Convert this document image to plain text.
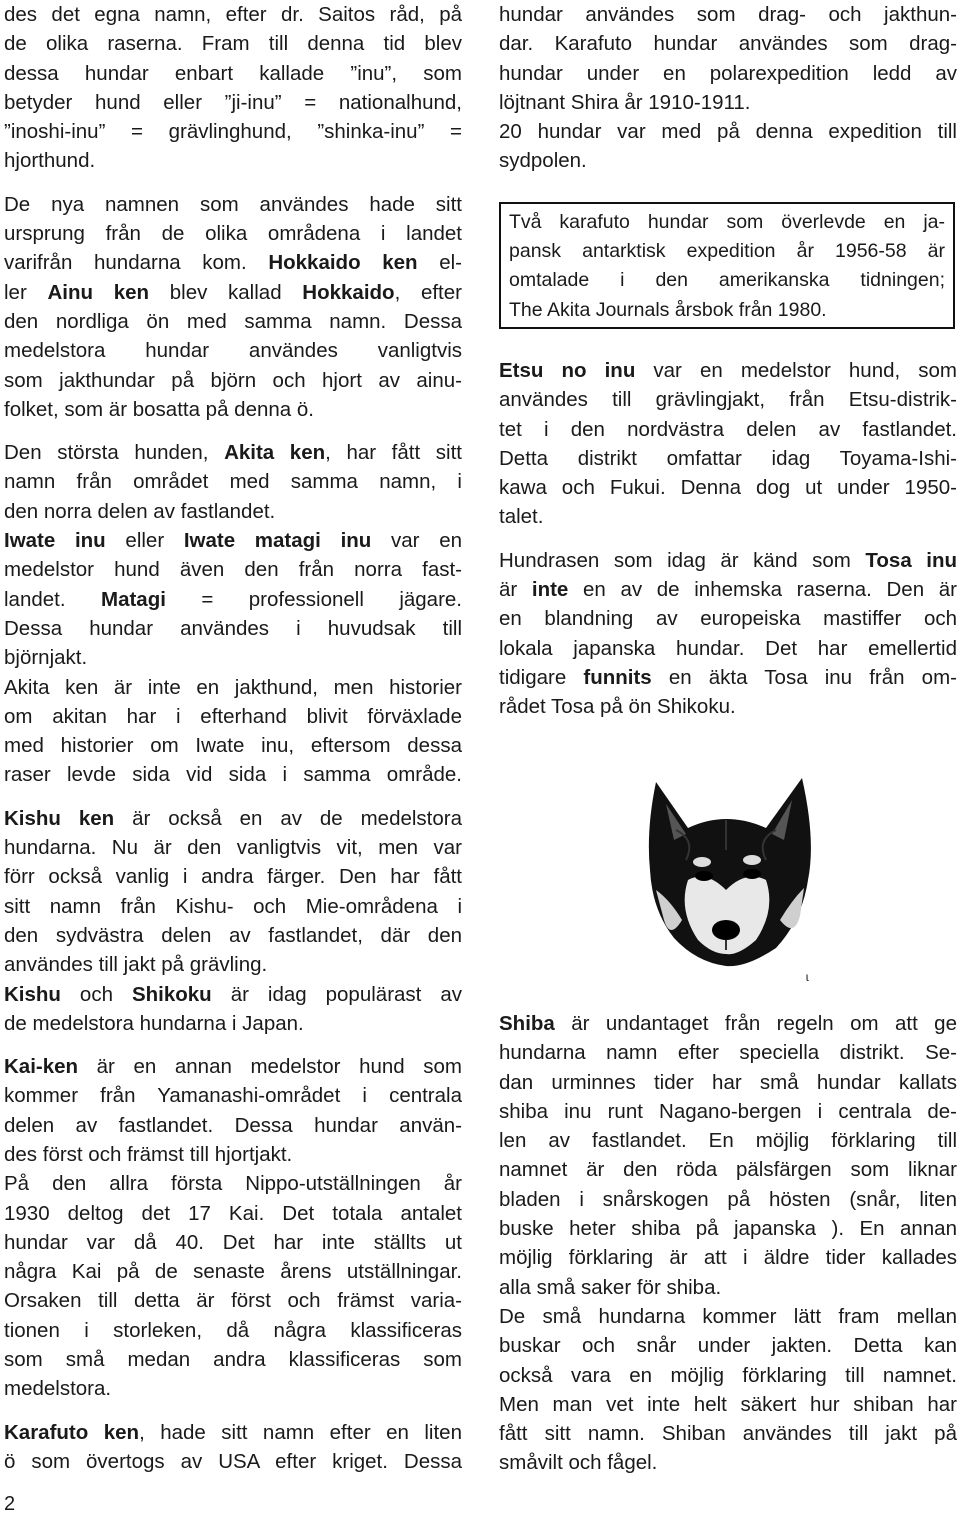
des det egna namn, efter dr. Saitos råd, på
de olika raserna. Fram till denna tid blev
dessa hundar enbart kallade ”inu”, som
betyder hund eller ”ji-inu” = nationalhund,
”inoshi-inu” = grävlinghund, ”shinka-inu” =
hjorthund.
De nya namnen som användes hade sitt
ursprung från de olika områdena i landet
varifrån hundarna kom. Hokkaido ken el-
ler Ainu ken blev kallad Hokkaido, efter
den nordliga ön med samma namn. Dessa
medelstora hundar användes vanligtvis
som jakthundar på björn och hjort av ainu-
folket, som är bosatta på denna ö.
Den största hunden, Akita ken, har fått sitt
namn från området med samma namn, i
den norra delen av fastlandet.
Iwate inu eller Iwate matagi inu var en
medelstor hund även den från norra fast-
landet. Matagi = professionell jägare.
Dessa hundar användes i huvudsak till
björnjakt.
Akita ken är inte en jakthund, men historier
om akitan har i efterhand blivit förväxlade
med historier om Iwate inu, eftersom dessa
raser levde sida vid sida i samma område.
Kishu ken är också en av de medelstora
hundarna. Nu är den vanligtvis vit, men var
förr också vanlig i andra färger. Den har fått
sitt namn från Kishu- och Mie-områdena i
den sydvästra delen av fastlandet, där den
användes till jakt på grävling.
Kishu och Shikoku är idag populärast av
de medelstora hundarna i Japan.
Kai-ken är en annan medelstor hund som
kommer från Yamanashi-området i centrala
delen av fastlandet. Dessa hundar använ-
des först och främst till hjortjakt.
På den allra första Nippo-utställningen år
1930 deltog det 17 Kai. Det totala antalet
hundar var då 40. Det har inte ställts ut
några Kai på de senaste årens utställningar.
Orsaken till detta är först och främst varia-
tionen i storleken, då några klassificeras
som små medan andra klassificeras som
medelstora.
Karafuto ken, hade sitt namn efter en liten
ö som övertogs av USA efter kriget. Dessa
hundar användes som drag- och jakthun-
dar. Karafuto hundar användes som drag-
hundar under en polarexpedition ledd av
löjtnant Shira år 1910-1911.
20 hundar var med på denna expedition till
sydpolen.
Två karafuto hundar som överlevde en ja-
pansk antarktisk expedition år 1956-58 är
omtalade i den amerikanska tidningen;
The Akita Journals årsbok från 1980.
Etsu no inu var en medelstor hund, som
användes till grävlingjakt, från Etsu-distrik-
tet i den nordvästra delen av fastlandet.
Detta distrikt omfattar idag Toyama-Ishi-
kawa och Fukui. Denna dog ut under 1950-
talet.
Hundrasen som idag är känd som Tosa inu
är inte en av de inhemska raserna. Den är
en blandning av europeiska mastiffer och
lokala japanska hundar. Det har emellertid
tidigare funnits en äkta Tosa inu från om-
rådet Tosa på ön Shikoku.
ɩ
Shiba är undantaget från regeln om att ge
hundarna namn efter speciella distrikt. Se-
dan urminnes tider har små hundar kallats
shiba inu runt Nagano-bergen i centrala de-
len av fastlandet. En möjlig förklaring till
namnet är den röda pälsfärgen som liknar
bladen i snårskogen på hösten (snår, liten
buske heter shiba på japanska ). En annan
möjlig förklaring är att i äldre tider kallades
alla små saker för shiba.
De små hundarna kommer lätt fram mellan
buskar och snår under jakten. Detta kan
också vara en möjlig förklaring till namnet.
Men man vet inte helt säkert hur shiban har
fått sitt namn. Shiban användes till jakt på
småvilt och fågel.
2
